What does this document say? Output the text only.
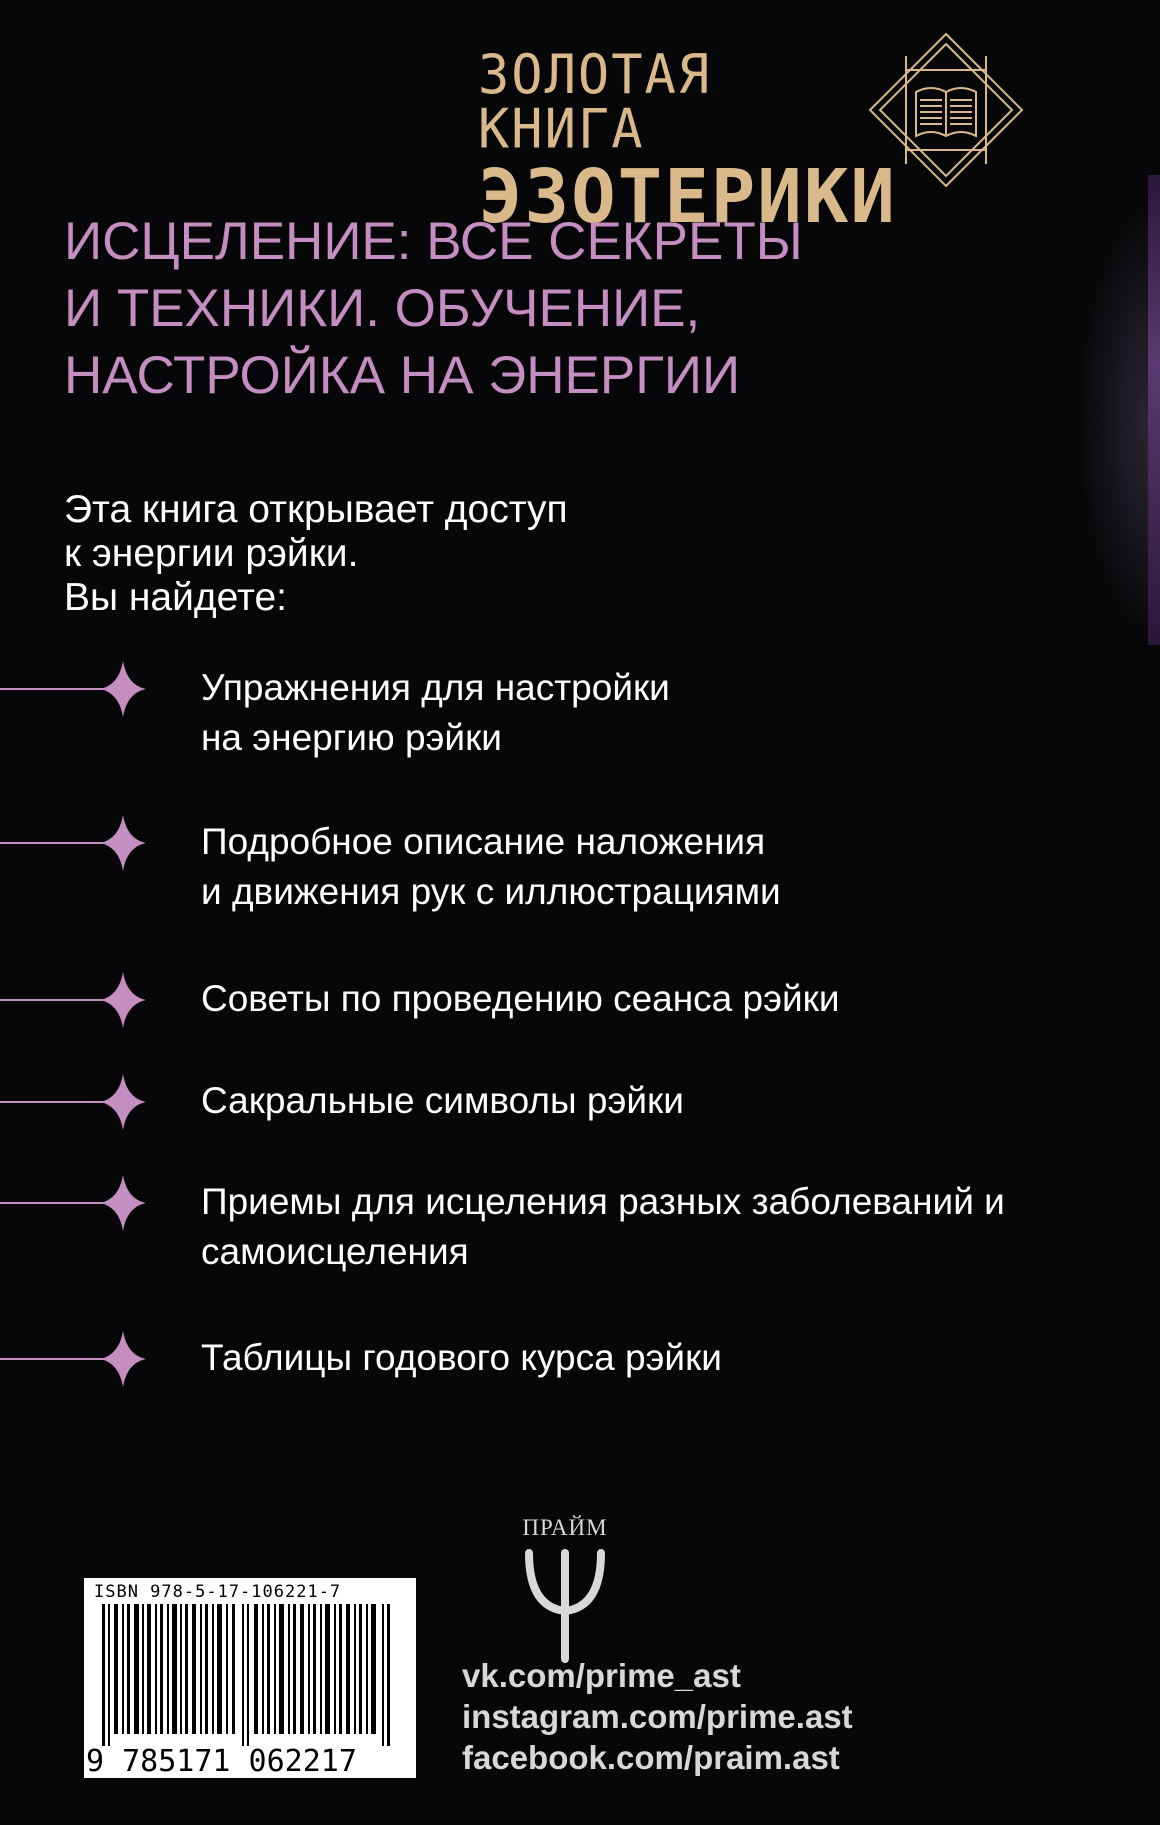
ЗОЛОТАЯ КНИГА
ЭЗОТЕРИКИ
ИСЦЕЛЕНИЕ: ВСЕ СЕКРЕТЫ И ТЕХНИКИ. ОБУЧЕНИЕ, НАСТРОЙКА НА ЭНЕРГИИ
Эта книга открывает доступ
к энергии рэйки.
Вы найдете:
Упражнения для настройки
на энергию рэйки
Подробное описание наложения
и движения рук с иллюстрациями
Советы по проведению сеанса рэйки
Сакральные символы рэйки
Приемы для исцеления разных заболеваний и
самоисцеления
Таблицы годового курса рэйки
ПРАЙМ
ISBN 978-5-17-106221-7
9 785171 062217
vk.com/prime_ast
instagram.com/prime.ast
facebook.com/praim.ast
